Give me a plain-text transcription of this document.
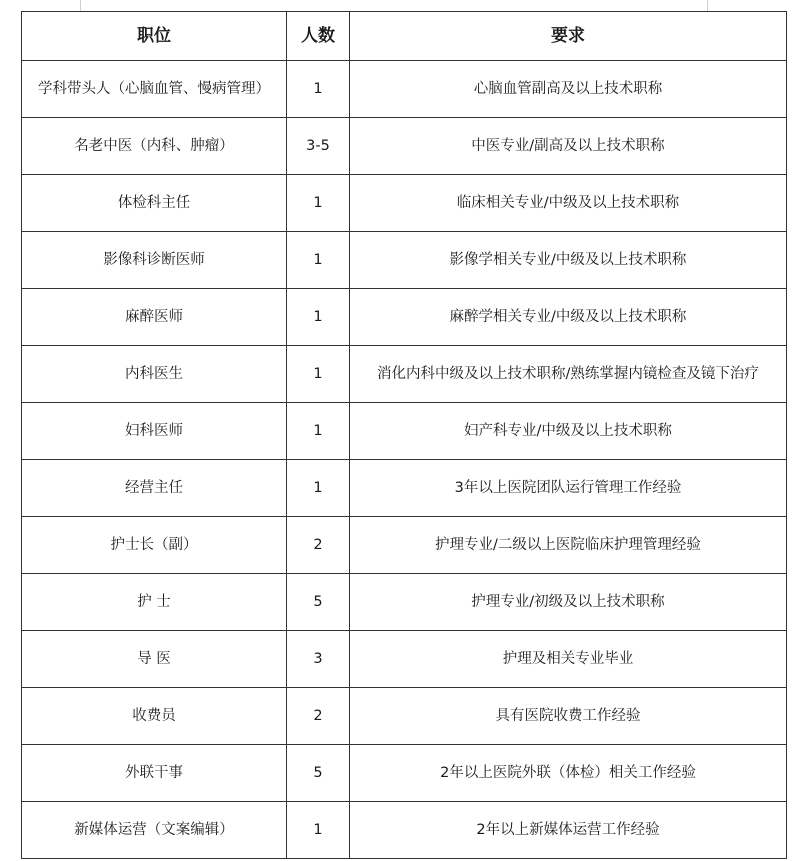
职位	人数	要求
学科带头人（心脑血管、慢病管理）	1	心脑血管副高及以上技术职称
名老中医（内科、肿瘤）	3-5	中医专业/副高及以上技术职称
体检科主任	1	临床相关专业/中级及以上技术职称
影像科诊断医师	1	影像学相关专业/中级及以上技术职称
麻醉医师	1	麻醉学相关专业/中级及以上技术职称
内科医生	1	消化内科中级及以上技术职称/熟练掌握内镜检查及镜下治疗
妇科医师	1	妇产科专业/中级及以上技术职称
经营主任	1	3年以上医院团队运行管理工作经验
护士长（副）	2	护理专业/二级以上医院临床护理管理经验
护 士	5	护理专业/初级及以上技术职称
导 医	3	护理及相关专业毕业
收费员	2	具有医院收费工作经验
外联干事	5	2年以上医院外联（体检）相关工作经验
新媒体运营（文案编辑）	1	2年以上新媒体运营工作经验
